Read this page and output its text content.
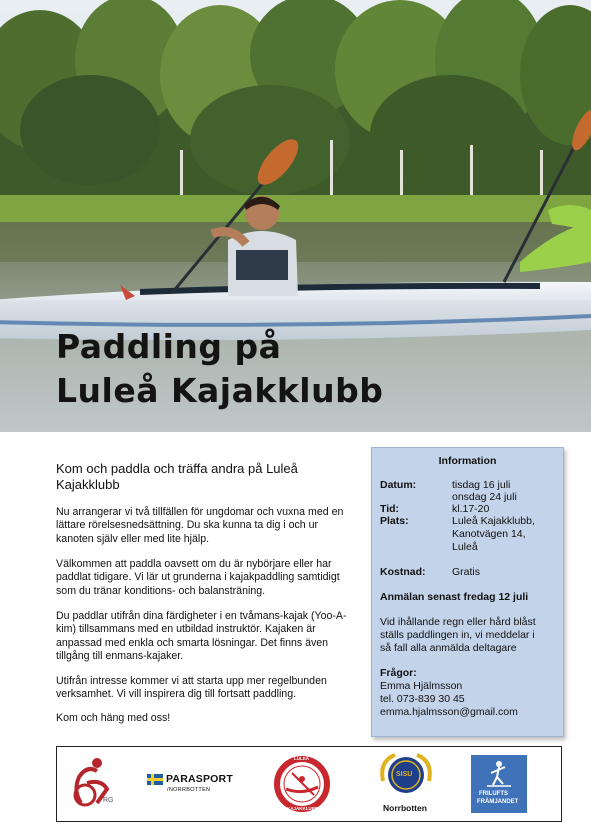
Paddling på
Luleå Kajakklubb
Kom och paddla och träffa andra på Luleå Kajakklubb
Nu arrangerar vi två tillfällen för ungdomar och vuxna med en lättare rörelsesnedsättning. Du ska kunna ta dig i och ur kanoten själv eller med lite hjälp.
Välkommen att paddla oavsett om du är nybörjare eller har paddlat tidigare. Vi lär ut grunderna i kajakpaddling samtidigt som du tränar konditions- och balansträning.
Du paddlar utifrån dina färdigheter i en tvåmans-kajak (Yoo-A-kim) tillsammans med en utbildad instruktör. Kajaken är anpassad med enkla och smarta lösningar. Det finns även tillgång till enmans-kajaker.
Utifrån intresse kommer vi att starta upp mer regelbunden verksamhet. Vi vill inspirera dig till fortsatt paddling.
Kom och häng med oss!
Information
Datum:	tisdag 16 juli
onsdag 24 juli
Tid:	kl.17-20
Plats:	Luleå Kajakklubb,
Kanotvägen 14,
Luleå
Kostnad:	Gratis
Anmälan senast fredag 12 juli
Vid ihållande regn eller hård blåst
ställs paddlingen in, vi meddelar i
så fall alla anmälda deltagare
Frågor:
Emma Hjälmsson
tel. 073-839 30 45
emma.hjalmsson@gmail.com
RG
PARASPORT
/NORRBOTTEN
LULEÅ
KAJAKKLUBB
SISU
Norrbotten
FRILUFTS
FRÄMJANDET
